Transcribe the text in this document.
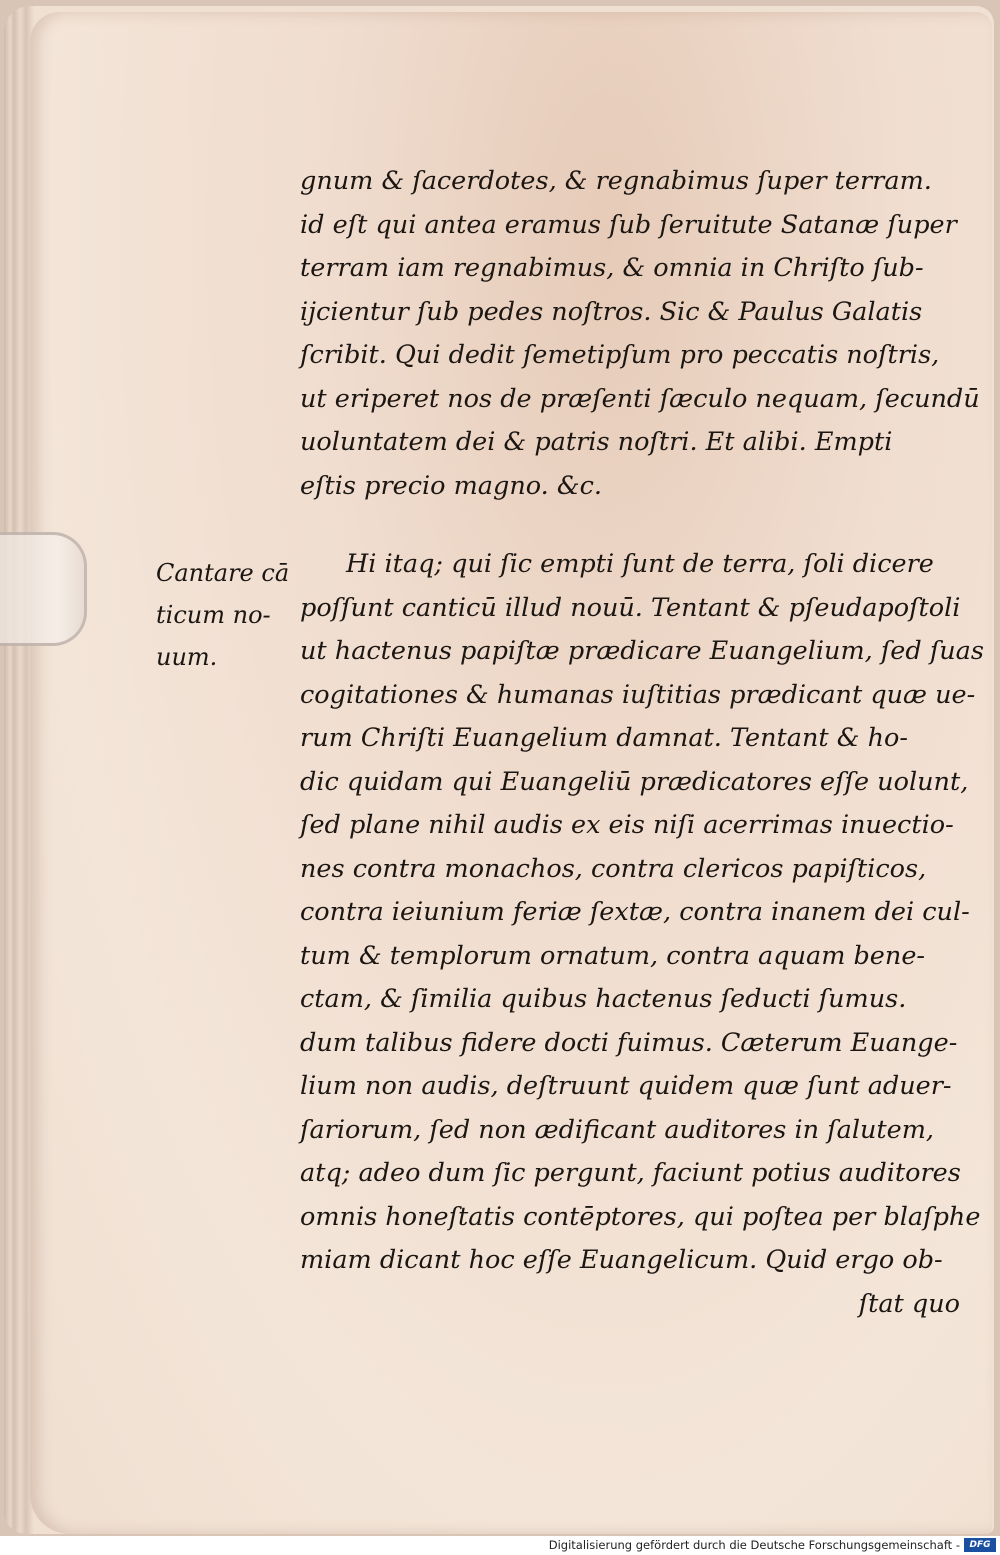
gnum & ſacerdotes, & regnabimus ſuper terram.
id eſt qui antea eramus ſub ſeruitute Satanæ ſuper
terram iam regnabimus, & omnia in Chriſto ſub-
ijcientur ſub pedes noſtros. Sic & Paulus Galatis
ſcribit. Qui dedit ſemetipſum pro peccatis noſtris,
ut eriperet nos de præſenti ſæculo nequam, ſecundū
uoluntatem dei & patris noſtri. Et alibi. Empti
eſtis precio magno. &c.
Hi itaq; qui ſic empti ſunt de terra, ſoli dicere
poſſunt canticū illud nouū. Tentant & pſeudapoſtoli
ut hactenus papiſtæ prædicare Euangelium, ſed ſuas
cogitationes & humanas iuſtitias prædicant quæ ue-
rum Chriſti Euangelium damnat. Tentant & ho-
dic quidam qui Euangeliū prædicatores eſſe uolunt,
ſed plane nihil audis ex eis niſi acerrimas inuectio-
nes contra monachos, contra clericos papiſticos,
contra ieiunium feriæ ſextæ, contra inanem dei cul-
tum & templorum ornatum, contra aquam bene-
ctam, & ſimilia quibus hactenus ſeducti ſumus.
dum talibus fidere docti fuimus. Cæterum Euange-
lium non audis, deſtruunt quidem quæ ſunt aduer-
ſariorum, ſed non ædificant auditores in ſalutem,
atq; adeo dum ſic pergunt, faciunt potius auditores
omnis honeſtatis contēptores, qui poſtea per blaſphe
miam dicant hoc eſſe Euangelicum. Quid ergo ob-
ſtat quo
Cantare cā
ticum no-
uum.
Digitalisierung gefördert durch die Deutsche Forschungsgemeinschaft -	DFG
